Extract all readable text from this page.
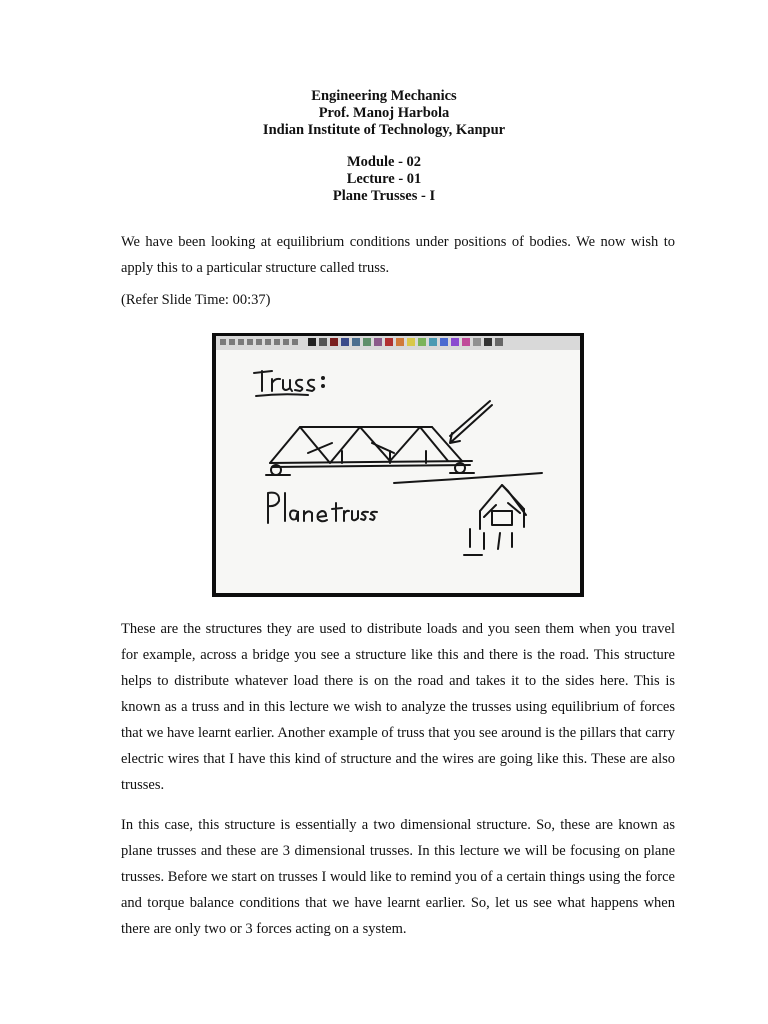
Engineering Mechanics
Prof. Manoj Harbola
Indian Institute of Technology, Kanpur
Module - 02
Lecture - 01
Plane Trusses - I
We have been looking at equilibrium conditions under positions of bodies. We now wish to apply this to a particular structure called truss.
(Refer Slide Time: 00:37)
These are the structures they are used to distribute loads and you seen them when you travel for example, across a bridge you see a structure like this and there is the road. This structure helps to distribute whatever load there is on the road and takes it to the sides here. This is known as a truss and in this lecture we wish to analyze the trusses using equilibrium of forces that we have learnt earlier. Another example of truss that you see around is the pillars that carry electric wires that I have this kind of structure and the wires are going like this. These are also trusses.
In this case, this structure is essentially a two dimensional structure. So, these are known as plane trusses and these are 3 dimensional trusses. In this lecture we will be focusing on plane trusses. Before we start on trusses I would like to remind you of a certain things using the force and torque balance conditions that we have learnt earlier. So, let us see what happens when there are only two or 3 forces acting on a system.
